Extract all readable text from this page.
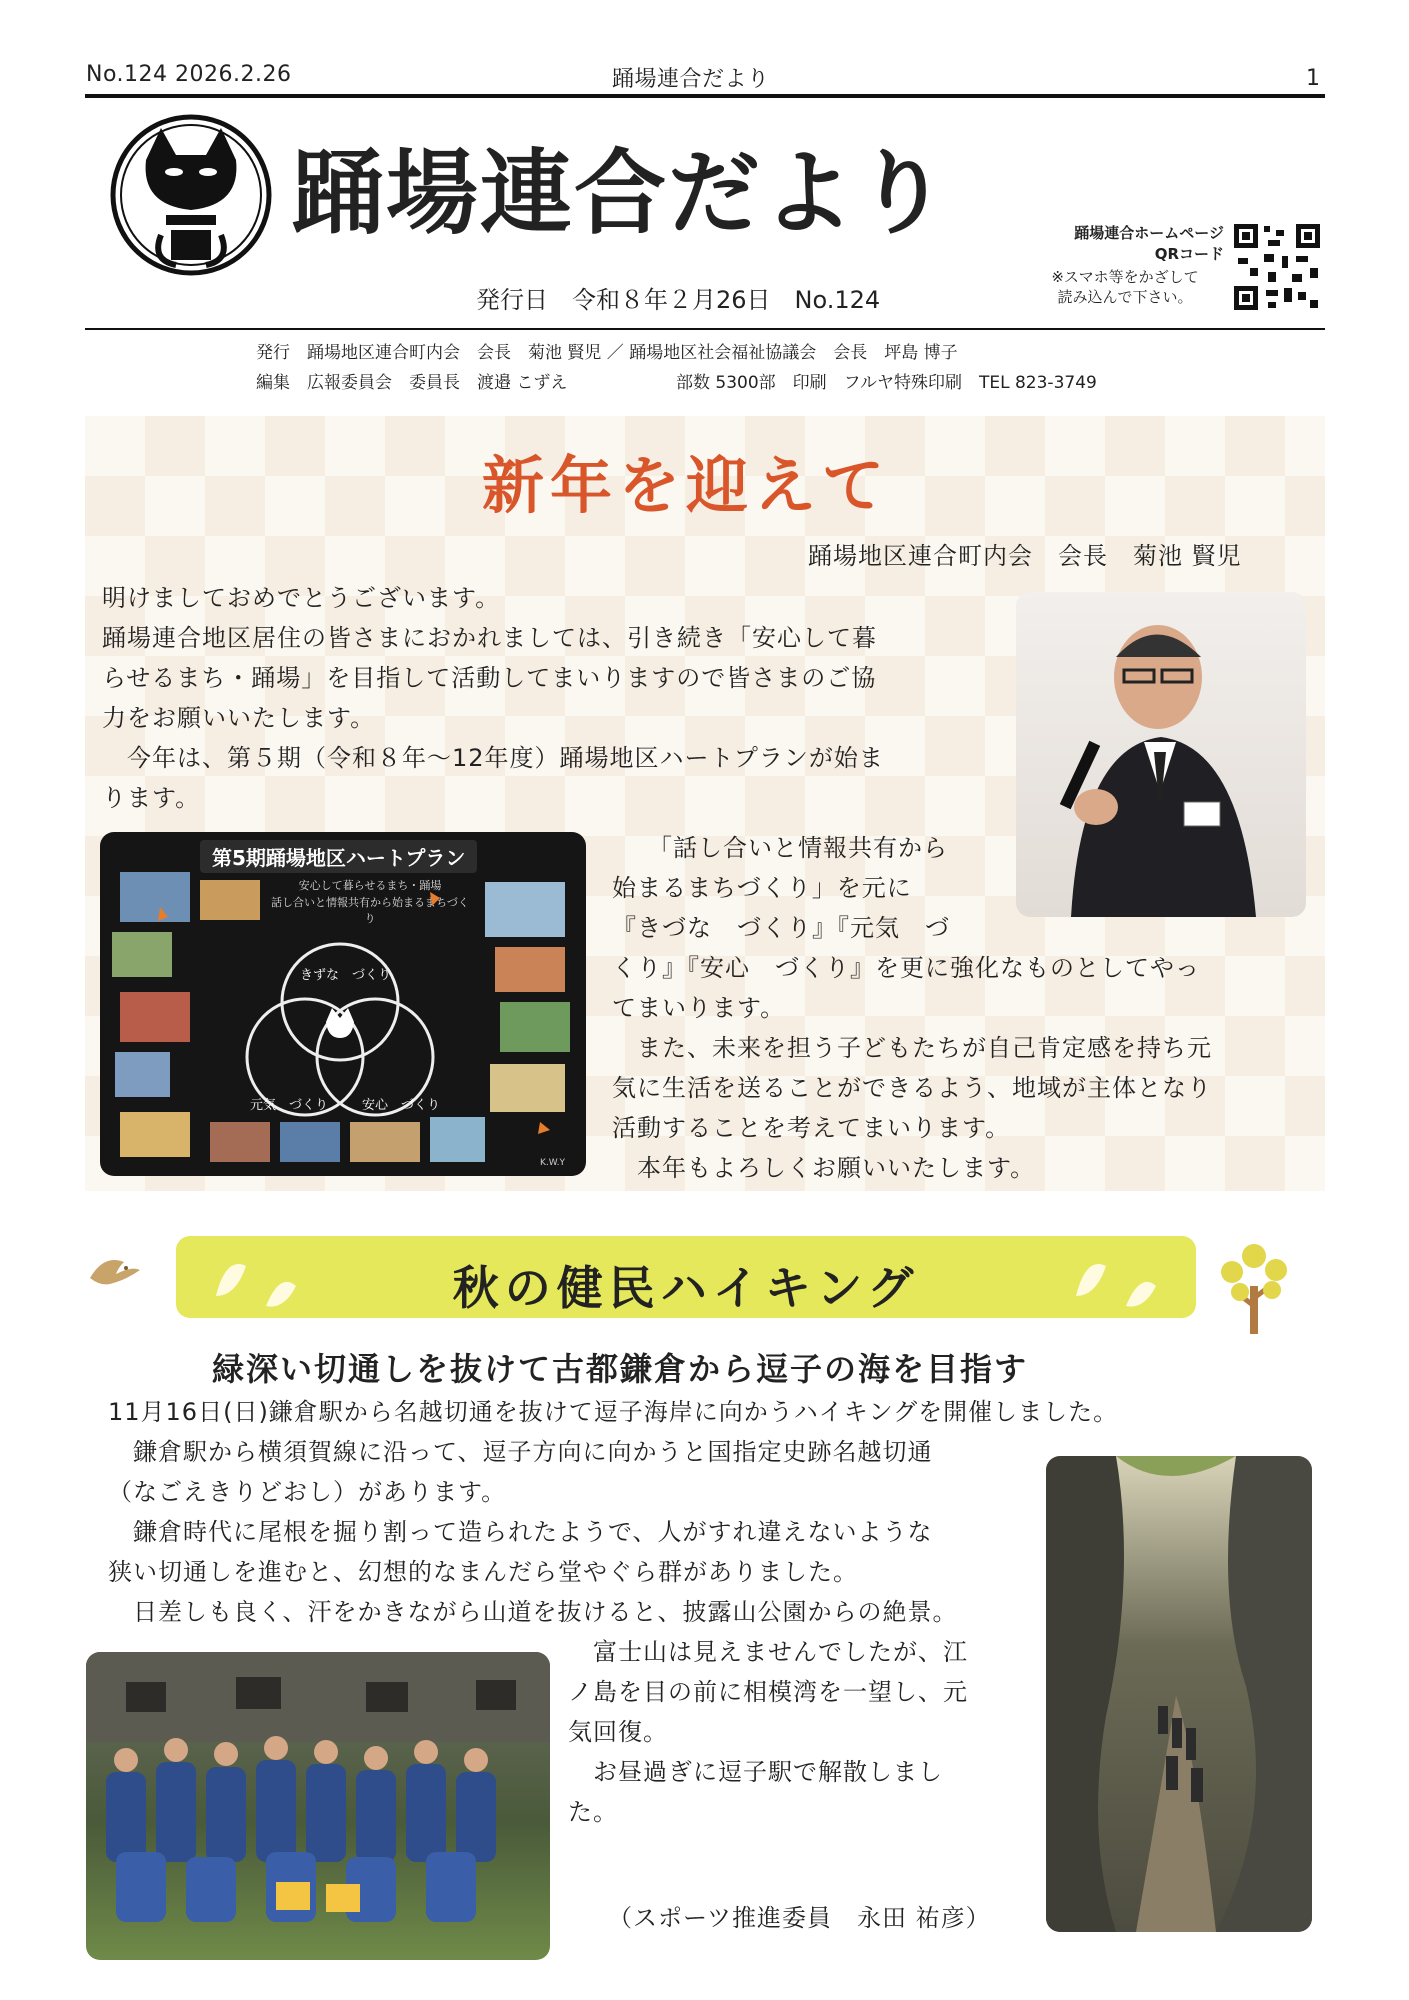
No.124 2026.2.26	踊場連合だより	1
踊場連合だより
発行日　令和８年２月26日　No.124
踊場連合ホームページ
QRコード
※スマホ等をかざして
読み込んで下さい。
発行　踊場地区連合町内会　会長　菊池 賢児 ／ 踊場地区社会福祉協議会　会長　坪島 博子
編集　広報委員会　委員長　渡邉 こずえ	部数 5300部　印刷　フルヤ特殊印刷　TEL 823-3749
新年を迎えて
踊場地区連合町内会　会長　菊池 賢児
明けましておめでとうございます。
踊場連合地区居住の皆さまにおかれましては、引き続き「安心して暮
らせるまち・踊場」を目指して活動してまいりますので皆さまのご協
力をお願いいたします。
　今年は、第５期（令和８年～12年度）踊場地区ハートプランが始ま
ります。
「話し合いと情報共有から
始まるまちづくり」を元に
『きづな　づくり』『元気　づ
くり』『安心　づくり』を更に強化なものとしてやっ
てまいります。
　また、未来を担う子どもたちが自己肯定感を持ち元
気に生活を送ることができるよう、地域が主体となり
活動することを考えてまいります。
　本年もよろしくお願いいたします。
第5期踊場地区ハートプラン
安心して暮らせるまち・踊場
話し合いと情報共有から始まるまちづくり
きずな　づくり
元気　づくり	安心　づくり
K.W.Y
秋の健民ハイキング
緑深い切通しを抜けて古都鎌倉から逗子の海を目指す
11月16日(日)鎌倉駅から名越切通を抜けて逗子海岸に向かうハイキングを開催しました。
　鎌倉駅から横須賀線に沿って、逗子方向に向かうと国指定史跡名越切通
（なごえきりどおし）があります。
　鎌倉時代に尾根を掘り割って造られたようで、人がすれ違えないような
狭い切通しを進むと、幻想的なまんだら堂やぐら群がありました。
　日差しも良く、汗をかきながら山道を抜けると、披露山公園からの絶景。
　富士山は見えませんでしたが、江
ノ島を目の前に相模湾を一望し、元
気回復。
　お昼過ぎに逗子駅で解散しまし
た。
（スポーツ推進委員　永田 祐彦）
